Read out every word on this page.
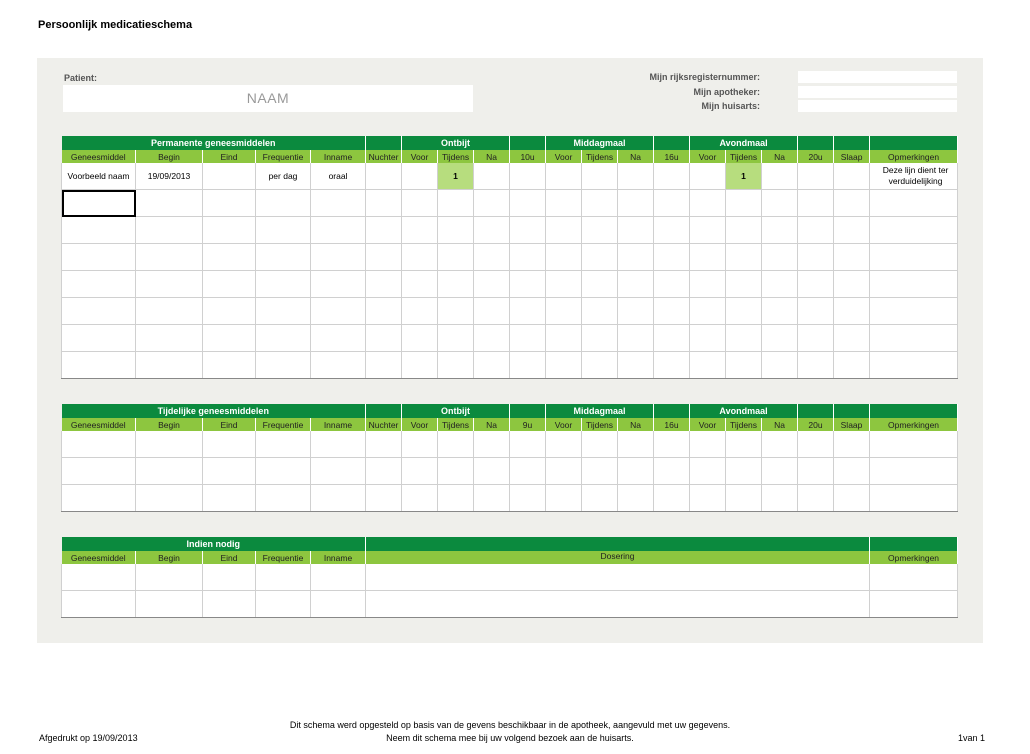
Persoonlijk medicatieschema
Patient:
NAAM
Mijn rijksregisternummer:
Mijn apotheker:
Mijn huisarts:
Permanente geneesmiddelen						Ontbijt				Middagmaal				Avondmaal					
Geneesmiddel	Begin	Eind	Frequentie	Inname	Nuchter	Voor	Tijdens	Na	10u	Voor	Tijdens	Na	16u	Voor	Tijdens	Na	20u	Slaap	Opmerkingen
Voorbeeld naam	19/09/2013		per dag	oraal			1								1				Deze lijn dient ter verduidelijking

Tijdelijke geneesmiddelen						Ontbijt				Middagmaal				Avondmaal					
Geneesmiddel	Begin	Eind	Frequentie	Inname	Nuchter	Voor	Tijdens	Na	9u	Voor	Tijdens	Na	16u	Voor	Tijdens	Na	20u	Slaap	Opmerkingen

Indien nodig						
Geneesmiddel	Begin	Eind	Frequentie	Inname	Dosering	Opmerkingen

Afgedrukt op 19/09/2013
Dit schema werd opgesteld op basis van de gevens beschikbaar in de apotheek, aangevuld met uw gegevens.
Neem dit schema mee bij uw volgend bezoek aan de huisarts.	1van 1
